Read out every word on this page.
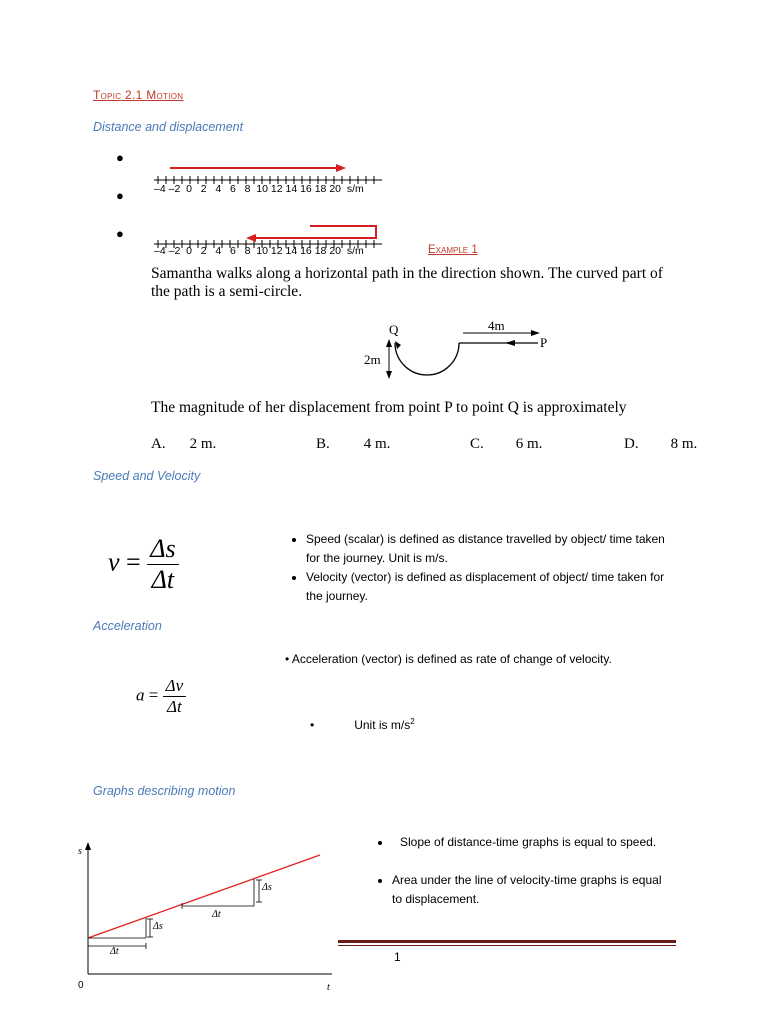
Topic 2.1 Motion
Distance and displacement
●
●
●
–4 –2 0 2 4 6 8 10 12 14 16 18 20 s/m
–4 –2 0 2 4 6 8 10 12 14 16 18 20 s/m	Example 1
Samantha walks along a horizontal path in the direction shown. The curved part of
the path is a semi-circle.
Q
P
4m
2m
The magnitude of her displacement from point P to point Q is approximately
A. 2 m.	B. 4 m.	C. 6 m.	D. 8 m.
Speed and Velocity
$v = \frac{\Delta s}{\Delta t}$
•	Speed (scalar) is defined as distance travelled by object/ time taken for the journey. Unit is m/s.
• Velocity (vector) is defined as displacement of object/ time taken for the journey.
Acceleration
• Acceleration (vector) is defined as rate of change of velocity.
$a = \frac{\Delta v}{\Delta t}$
•	Unit is $m/s^2$
Graphs describing motion
s
t
0
Δs
Δt
Δs
Δt
• Slope of distance-time graphs is equal to speed.
• Area under the line of velocity-time graphs is equal to displacement.
1
